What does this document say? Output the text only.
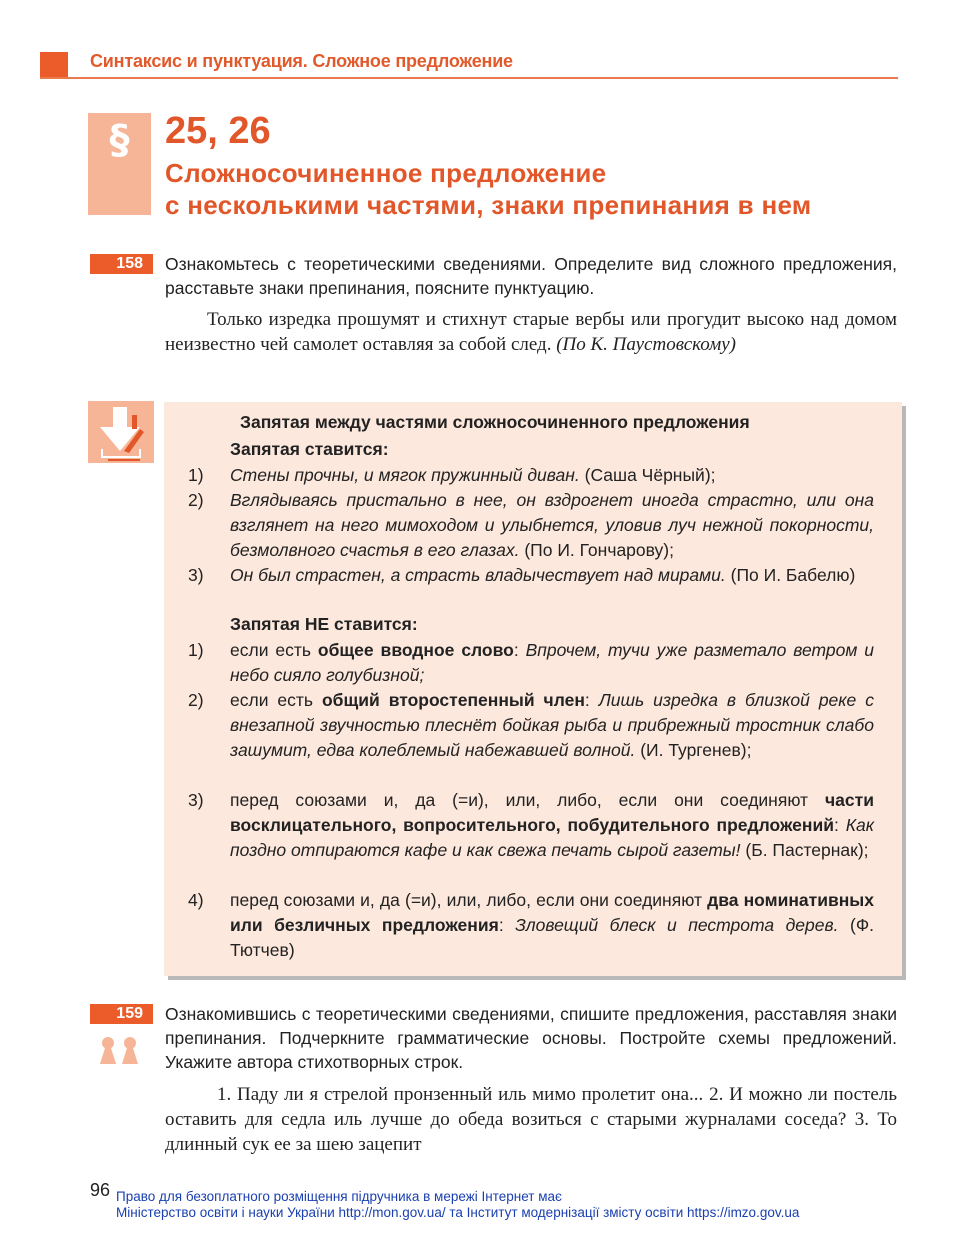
Синтаксис и пунктуация. Сложное предложение
§ 25, 26
Сложносочиненное предложение
с несколькими частями, знаки препинания в нем
158	Ознакомьтесь с теоретическими сведениями. Определите вид сложного предложения, расставьте знаки препинания, поясните пунктуацию.
Только изредка прошумят и стихнут старые вербы или прогудит высоко над домом неизвестно чей самолет оставляя за собой след. (По К. Паустовскому)
Запятая между частями сложносочиненного предложения
Запятая ставится:
1) Стены прочны, и мягок пружинный диван. (Саша Чёрный);
2) Вглядываясь пристально в нее, он вздрогнет иногда страстно, или она взглянет на него мимоходом и улыбнется, уловив луч нежной покорности, безмолвного счастья в его глазах. (По И. Гончарову);
3) Он был страстен, а страсть владычествует над мирами. (По И. Бабелю)
Запятая НЕ ставится:
1) если есть общее вводное слово: Впрочем, тучи уже разметало ветром и небо сияло голубизной;
2) если есть общий второстепенный член: Лишь изредка в близкой реке с внезапной звучностью плеснёт бойкая рыба и прибрежный тростник слабо зашумит, едва колеблемый набежавшей волной. (И. Тургенев);
3) перед союзами и, да (=и), или, либо, если они соединяют части восклицательного, вопросительного, побудительного предложений: Как поздно отпираются кафе и как свежа печать сырой газеты! (Б. Пастернак);
4) перед союзами и, да (=и), или, либо, если они соединяют два номинативных или безличных предложения: Зловещий блеск и пестрота дерев. (Ф. Тютчев)
159	Ознакомившись с теоретическими сведениями, спишите предложения, расставляя знаки препинания. Подчеркните грамматические основы. Постройте схемы предложений. Укажите автора стихотворных строк.
1. Паду ли я стрелой пронзенный иль мимо пролетит она... 2. И можно ли постель оставить для седла иль лучше до обеда возиться с старыми журналами соседа? 3. То длинный сук ее за шею зацепит
96 Право для безоплатного розміщення підручника в мережі Інтернет має
Міністерство освіти і науки України http://mon.gov.ua/ та Інститут модернізації змісту освіти https://imzo.gov.ua
